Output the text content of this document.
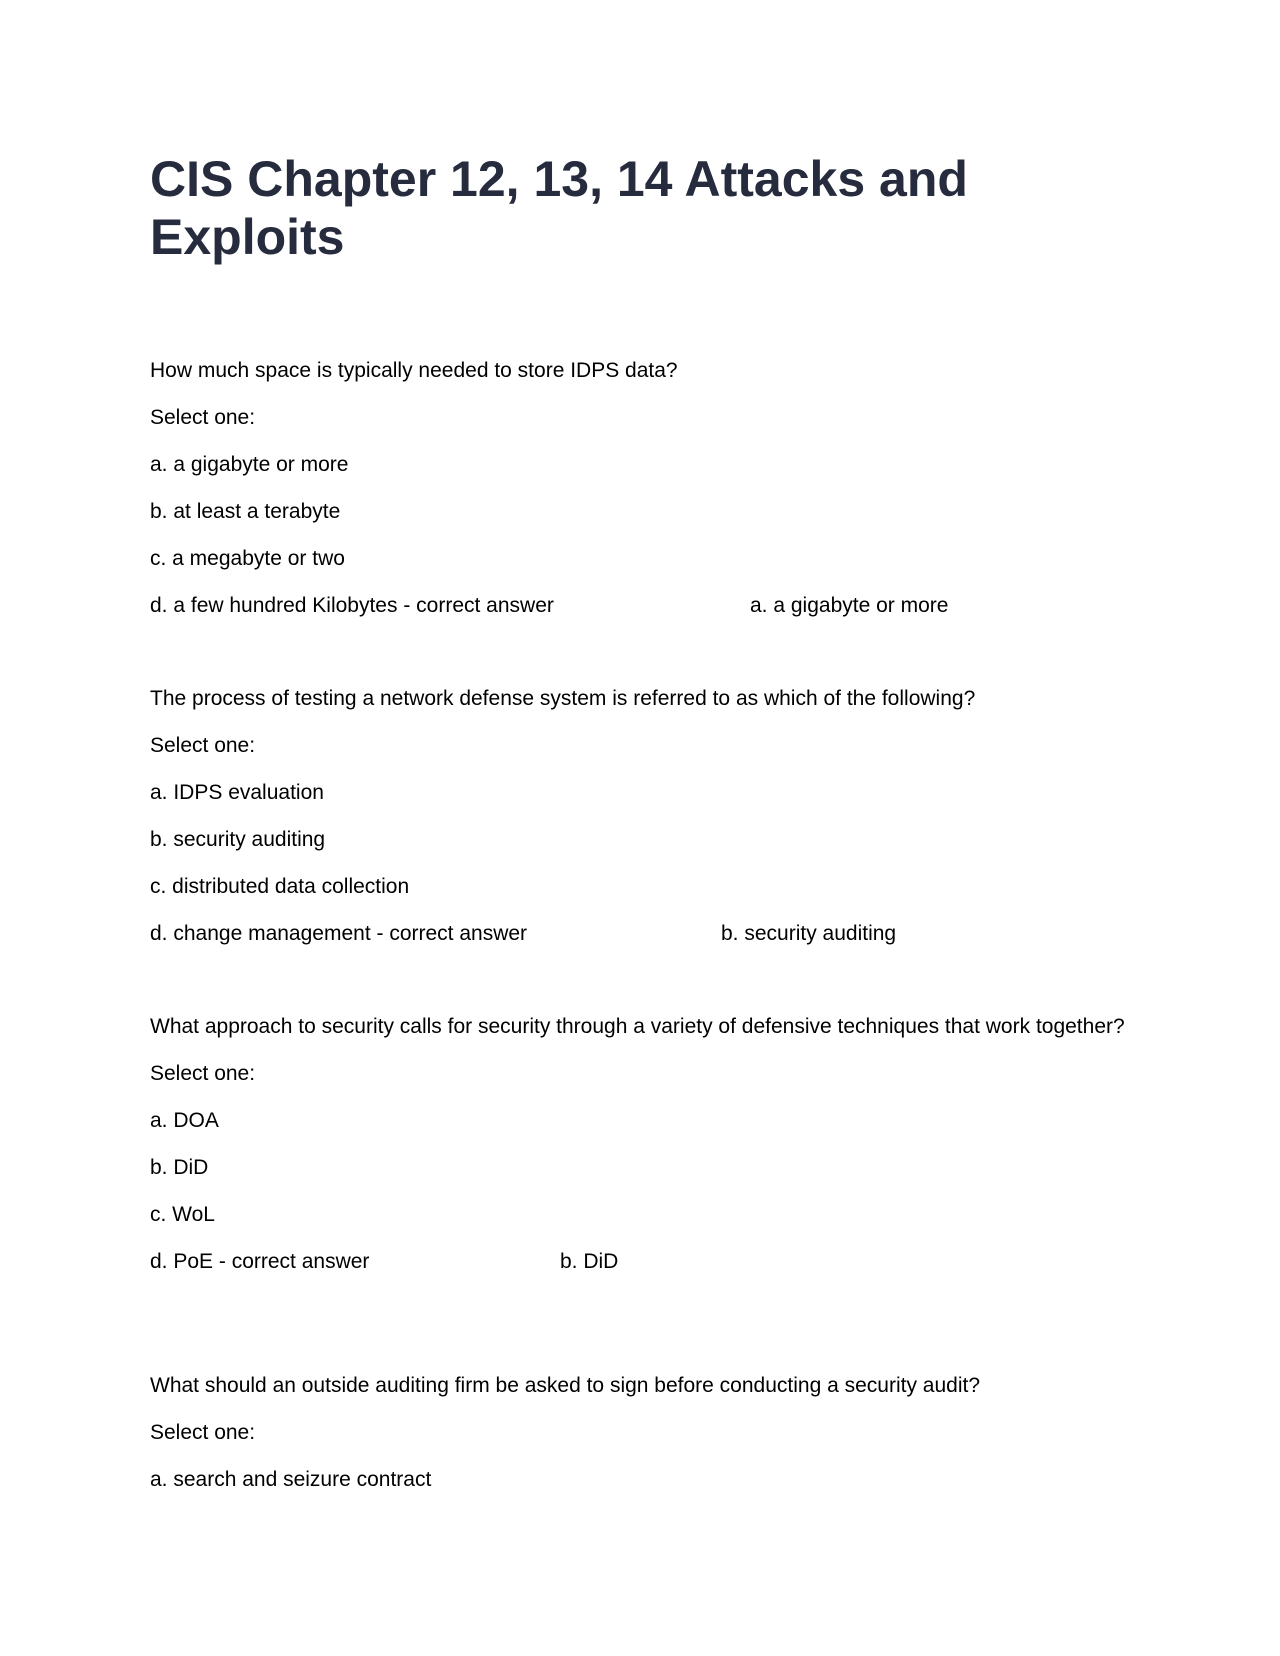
CIS Chapter 12, 13, 14 Attacks and Exploits
How much space is typically needed to store IDPS data?
Select one:
a. a gigabyte or more
b. at least a terabyte
c. a megabyte or two
d. a few hundred Kilobytes - correct answer	a. a gigabyte or more
The process of testing a network defense system is referred to as which of the following?
Select one:
a. IDPS evaluation
b. security auditing
c. distributed data collection
d. change management - correct answer	b. security auditing
What approach to security calls for security through a variety of defensive techniques that work together?
Select one:
a. DOA
b. DiD
c. WoL
d. PoE - correct answer	b. DiD
What should an outside auditing firm be asked to sign before conducting a security audit?
Select one:
a. search and seizure contract
